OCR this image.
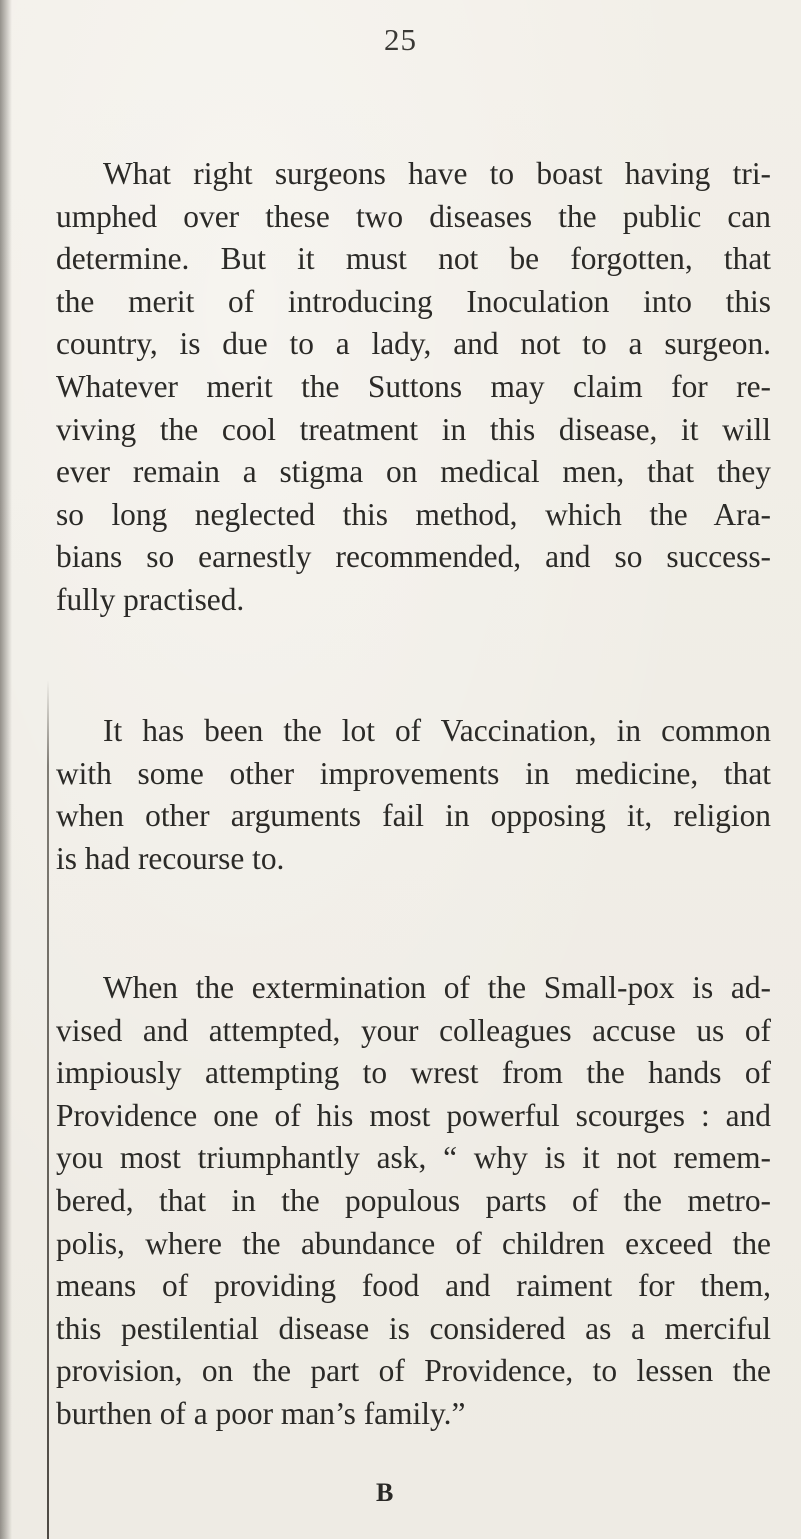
25
What right surgeons have to boast having tri-
umphed over these two diseases the public can
determine. But it must not be forgotten, that
the merit of introducing Inoculation into this
country, is due to a lady, and not to a surgeon.
Whatever merit the Suttons may claim for re-
viving the cool treatment in this disease, it will
ever remain a stigma on medical men, that they
so long neglected this method, which the Ara-
bians so earnestly recommended, and so success-
fully practised.
It has been the lot of Vaccination, in common
with some other improvements in medicine, that
when other arguments fail in opposing it, religion
is had recourse to.
When the extermination of the Small-pox is ad-
vised and attempted, your colleagues accuse us of
impiously attempting to wrest from the hands of
Providence one of his most powerful scourges : and
you most triumphantly ask, “ why is it not remem-
bered, that in the populous parts of the metro-
polis, where the abundance of children exceed the
means of providing food and raiment for them,
this pestilential disease is considered as a merciful
provision, on the part of Providence, to lessen the
burthen of a poor man’s family.”
B
